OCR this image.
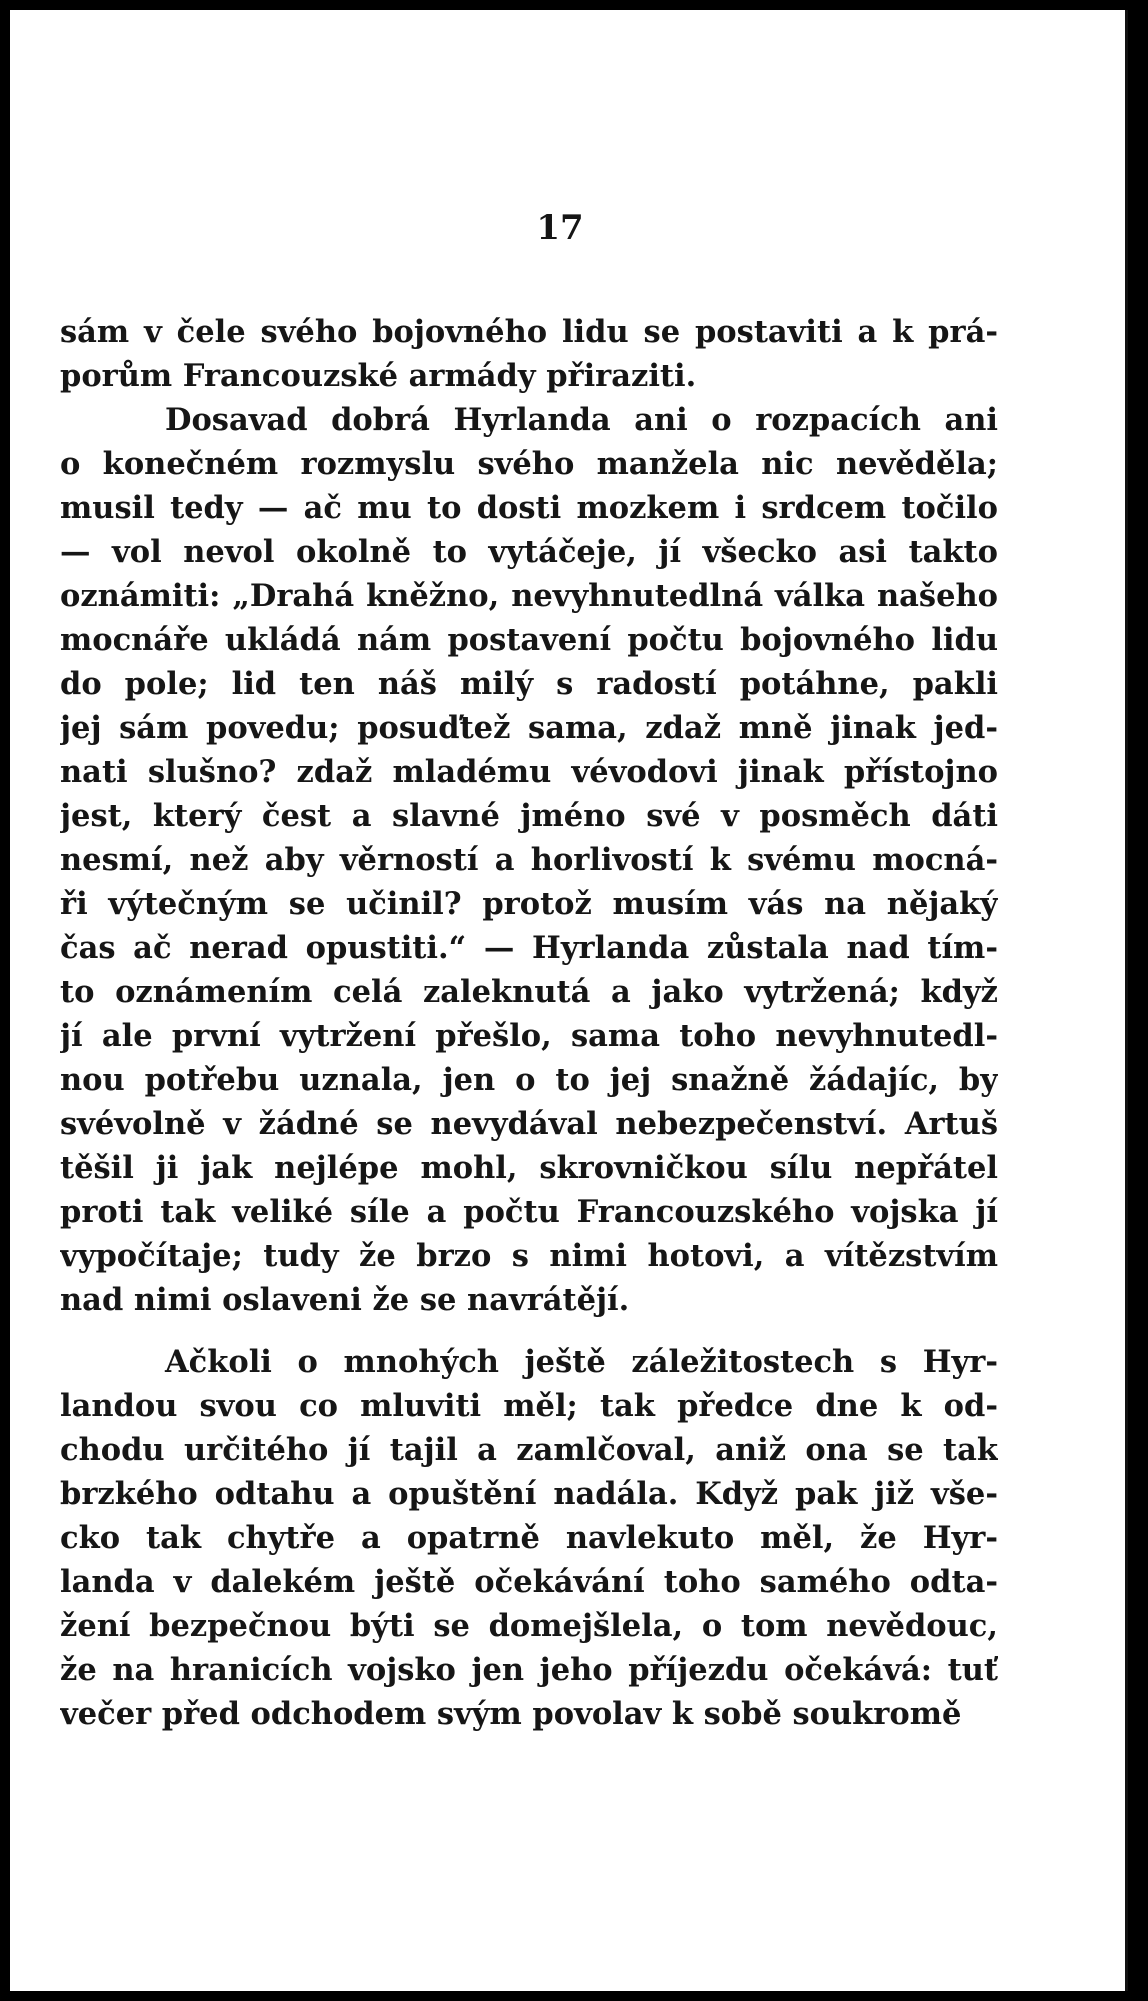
17
sám v čele svého bojovného lidu se postaviti a k prá-
porům Francouzské armády přiraziti.
Dosavad dobrá Hyrlanda ani o rozpacích ani
o konečném rozmyslu svého manžela nic nevěděla;
musil tedy — ač mu to dosti mozkem i srdcem točilo
— vol nevol okolně to vytáčeje, jí všecko asi takto
oznámiti: „Drahá kněžno, nevyhnutedlná válka našeho
mocnáře ukládá nám postavení počtu bojovného lidu
do pole; lid ten náš milý s radostí potáhne, pakli
jej sám povedu; posuďtež sama, zdaž mně jinak jed-
nati slušno? zdaž mladému vévodovi jinak přístojno
jest, který čest a slavné jméno své v posměch dáti
nesmí, než aby věrností a horlivostí k svému mocná-
ři výtečným se učinil? protož musím vás na nějaký
čas ač nerad opustiti.“ — Hyrlanda zůstala nad tím-
to oznámením celá zaleknutá a jako vytržená; když
jí ale první vytržení přešlo, sama toho nevyhnutedl-
nou potřebu uznala, jen o to jej snažně žádajíc, by
svévolně v žádné se nevydával nebezpečenství. Artuš
těšil ji jak nejlépe mohl, skrovničkou sílu nepřátel
proti tak veliké síle a počtu Francouzského vojska jí
vypočítaje; tudy že brzo s nimi hotovi, a vítězstvím
nad nimi oslaveni že se navrátějí.
Ačkoli o mnohých ještě záležitostech s Hyr-
landou svou co mluviti měl; tak předce dne k od-
chodu určitého jí tajil a zamlčoval, aniž ona se tak
brzkého odtahu a opuštění nadála. Když pak již vše-
cko tak chytře a opatrně navlekuto měl, že Hyr-
landa v dalekém ještě očekávání toho samého odta-
žení bezpečnou býti se domejšlela, o tom nevědouc,
že na hranicích vojsko jen jeho příjezdu očekává: tuť
večer před odchodem svým povolav k sobě soukromě
